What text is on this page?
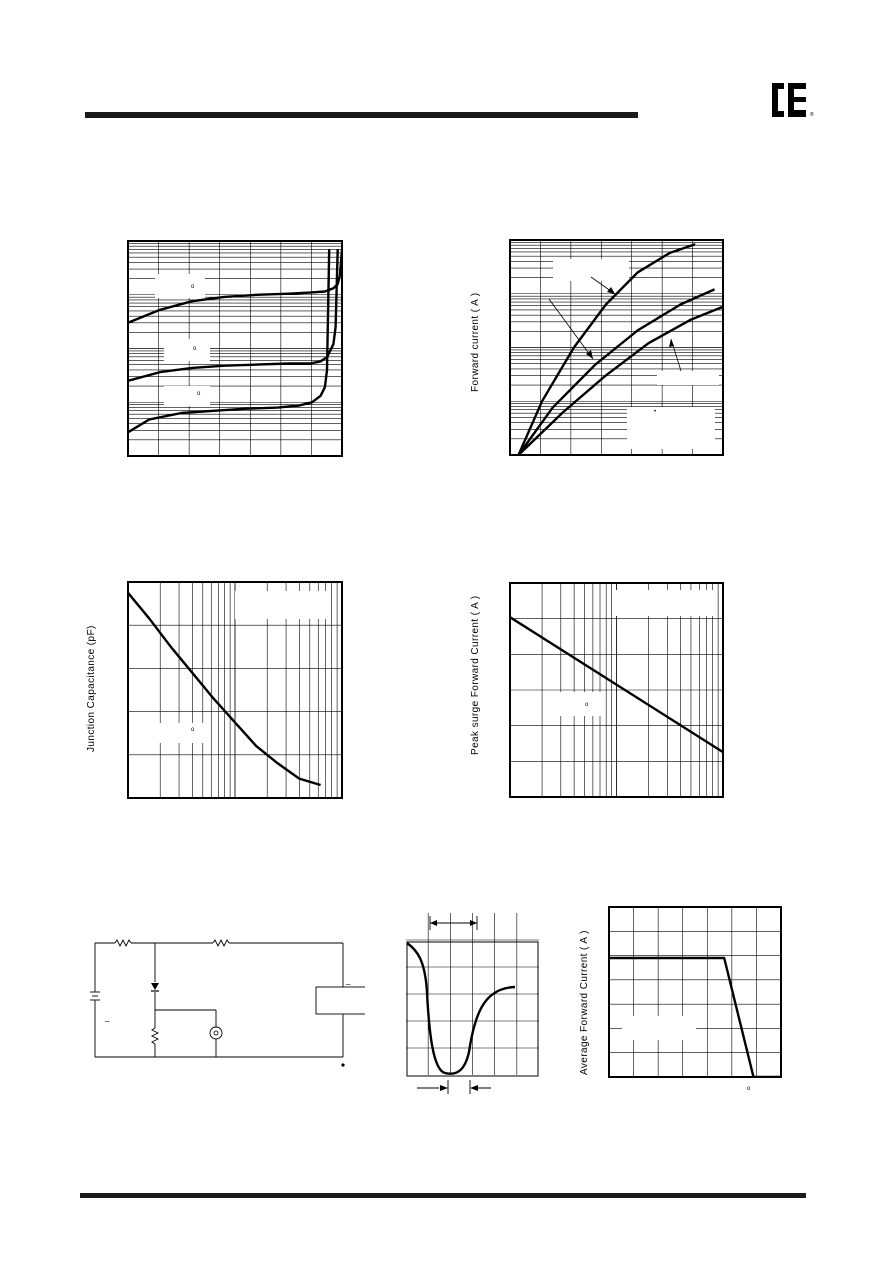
®
o
o
o
•
Forward current ( A )
o
Junction Capacitance (pF)	o
Peak surge Forward Current ( A )
_
_	Average Forward Current ( A )
o
